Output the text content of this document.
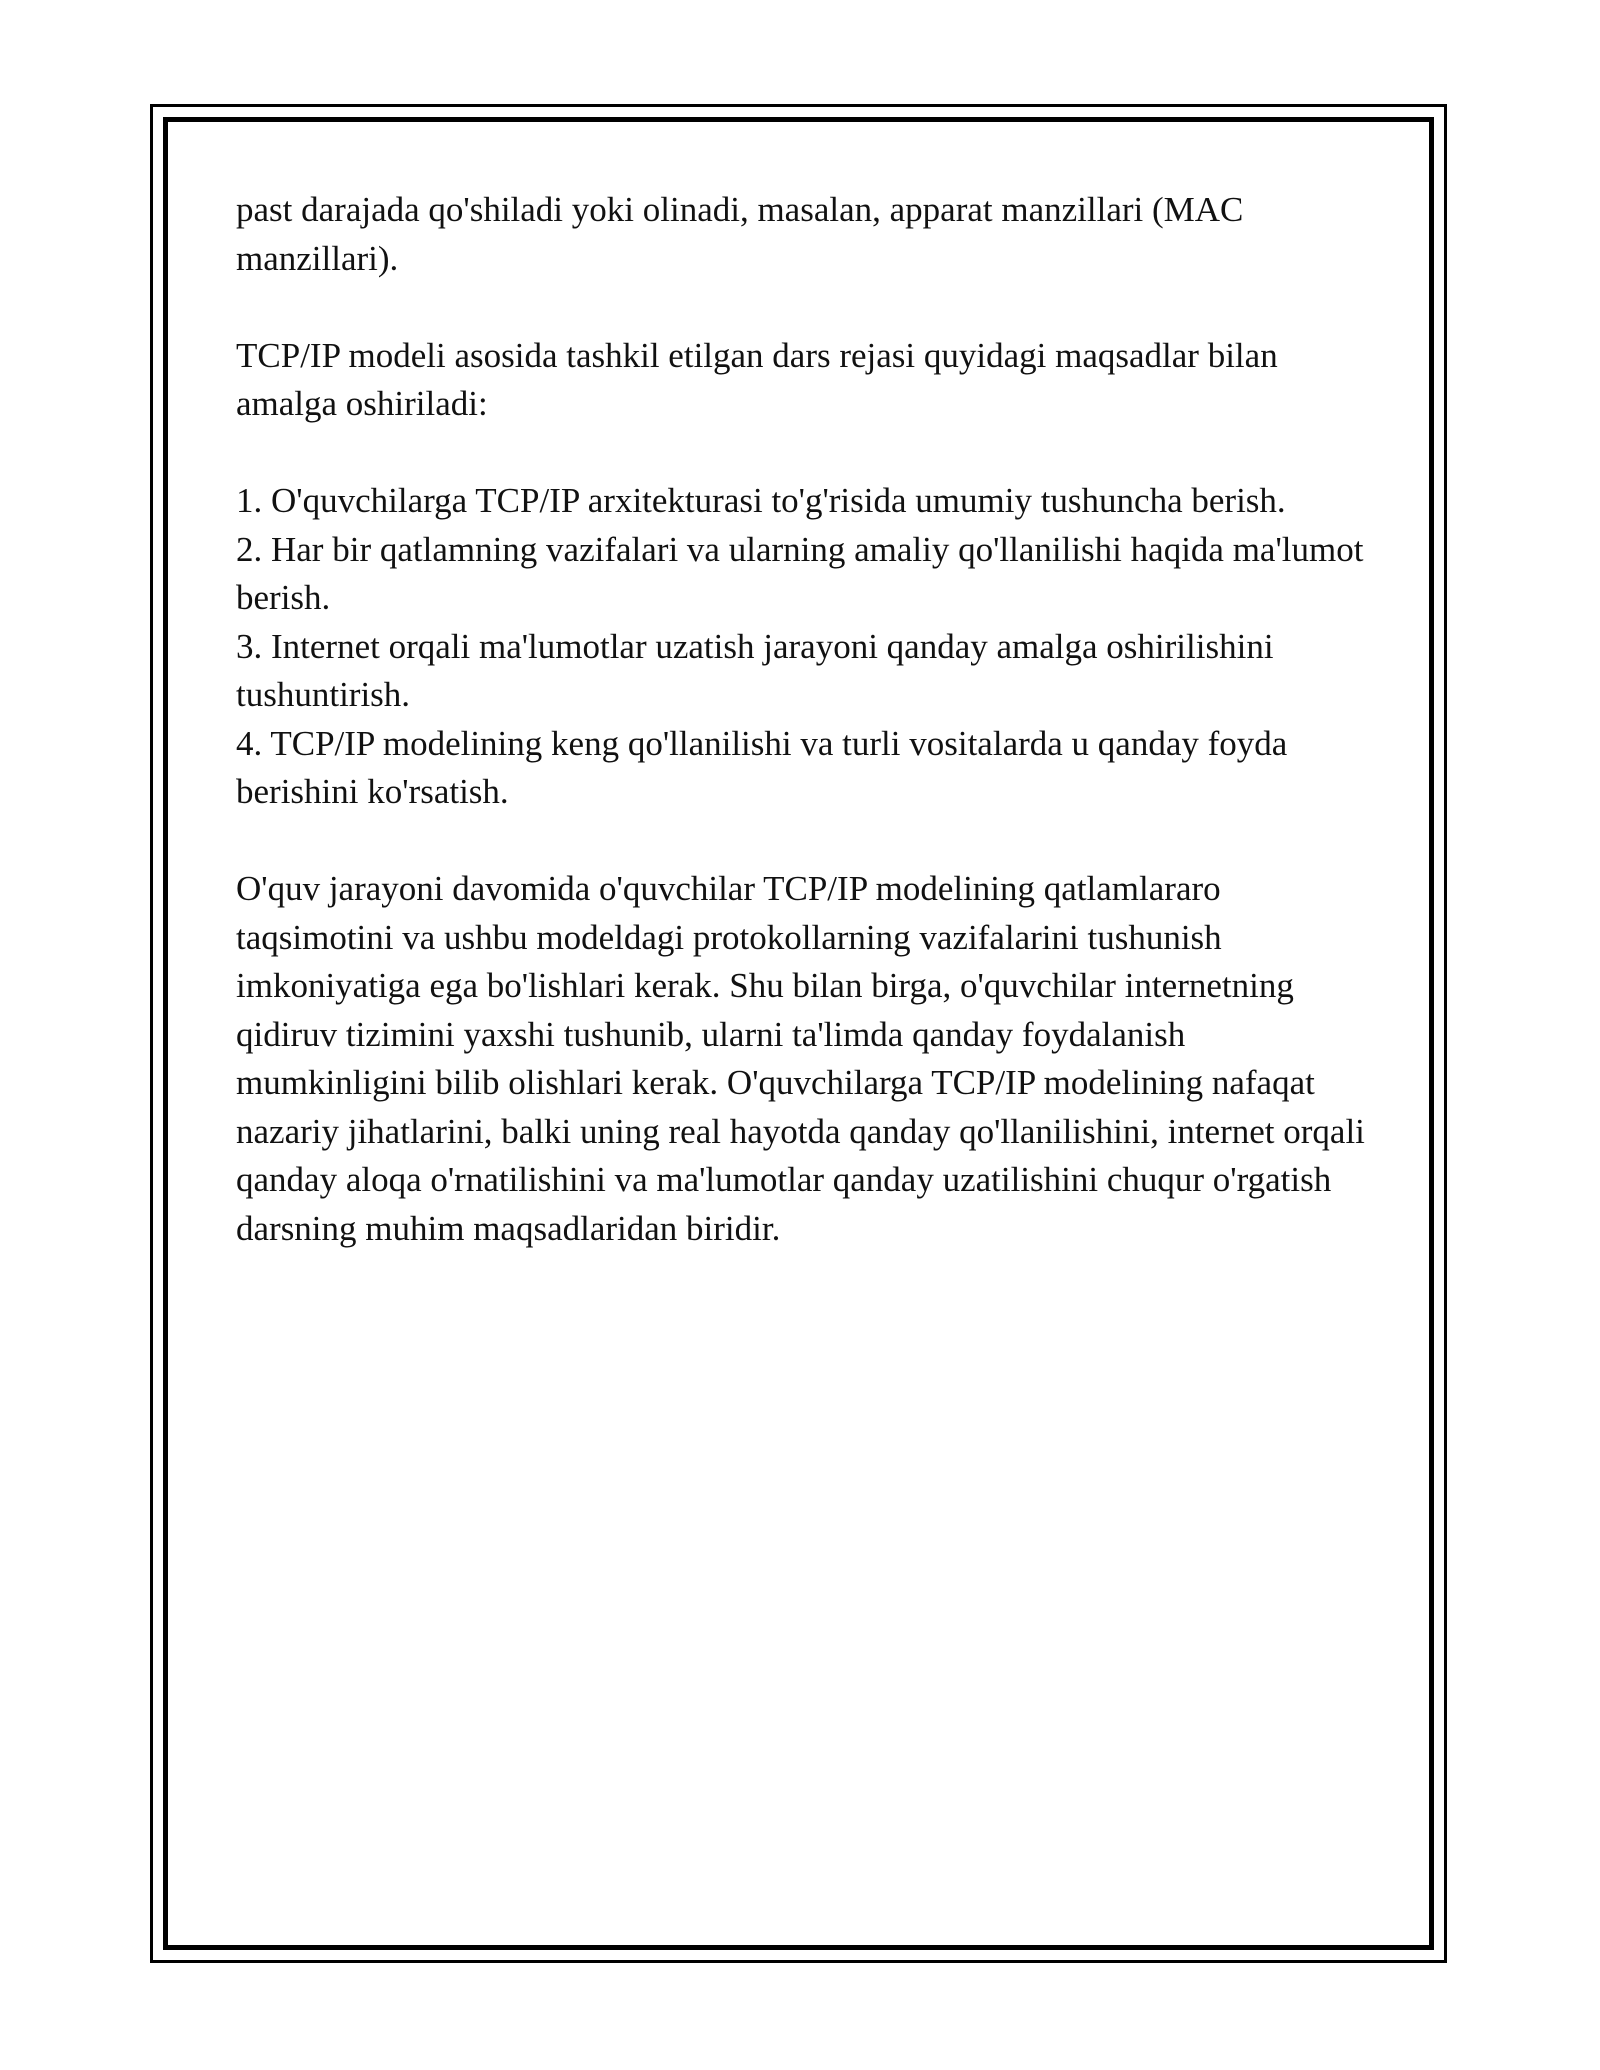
past darajada qo'shiladi yoki olinadi, masalan, apparat manzillari (MAC manzillari).

TCP/IP modeli asosida tashkil etilgan dars rejasi quyidagi maqsadlar bilan amalga oshiriladi:

1. O'quvchilarga TCP/IP arxitekturasi to'g'risida umumiy tushuncha berish.

2. Har bir qatlamning vazifalari va ularning amaliy qo'llanilishi haqida ma'lumot berish.

3. Internet orqali ma'lumotlar uzatish jarayoni qanday amalga oshirilishini tushuntirish.

4. TCP/IP modelining keng qo'llanilishi va turli vositalarda u qanday foyda berishini ko'rsatish.

O'quv jarayoni davomida o'quvchilar TCP/IP modelining qatlamlararo taqsimotini va ushbu modeldagi protokollarning vazifalarini tushunish imkoniyatiga ega bo'lishlari kerak. Shu bilan birga, o'quvchilar internetning qidiruv tizimini yaxshi tushunib, ularni ta'limda qanday foydalanish mumkinligini bilib olishlari kerak. O'quvchilarga TCP/IP modelining nafaqat nazariy jihatlarini, balki uning real hayotda qanday qo'llanilishini, internet orqali qanday aloqa o'rnatilishini va ma'lumotlar qanday uzatilishini chuqur o'rgatish darsning muhim maqsadlaridan biridir.
